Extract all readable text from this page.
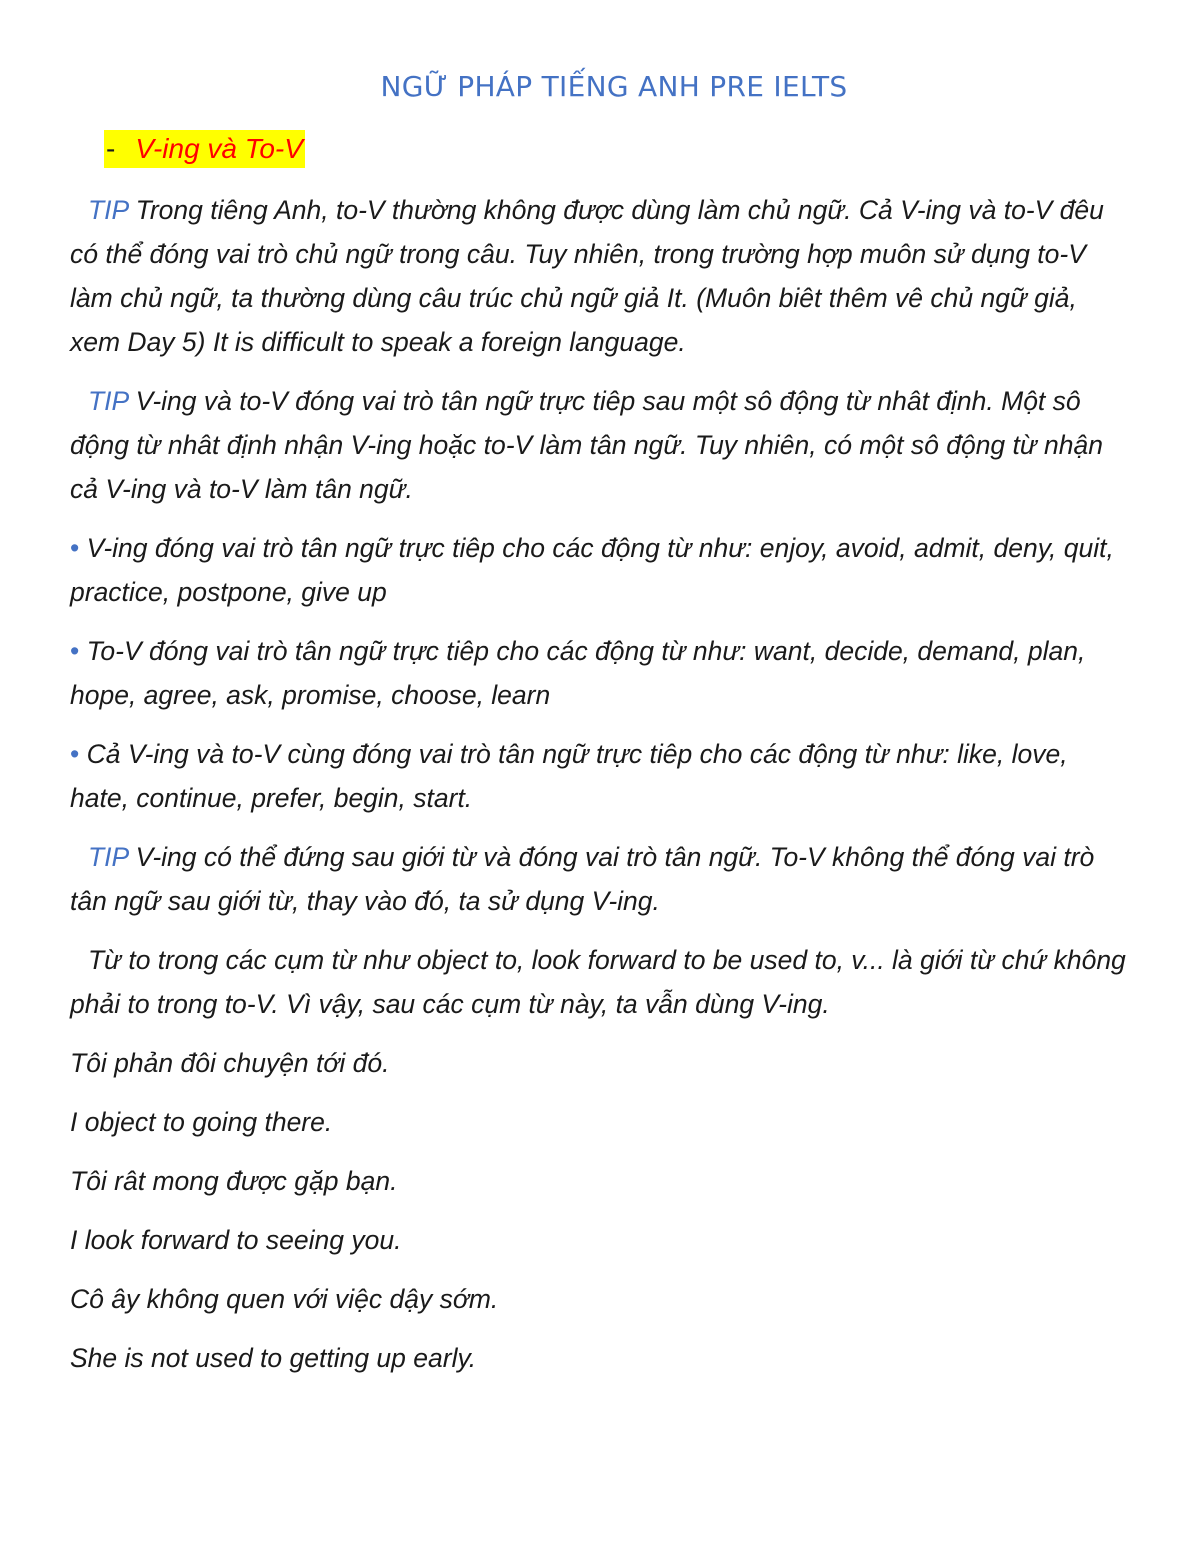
NGỮ PHÁP TIẾNG ANH PRE IELTS
- V-ing và To-V

TIP Trong tiêng Anh, to-V thường không được dùng làm chủ ngữ. Cả V-ing và to-V đêu có thể đóng vai trò chủ ngữ trong câu. Tuy nhiên, trong trường hợp muôn sử dụng to-V làm chủ ngữ, ta thường dùng câu trúc chủ ngữ giả It. (Muôn biêt thêm vê chủ ngữ giả, xem Day 5) It is difficult to speak a foreign language.

TIP V-ing và to-V đóng vai trò tân ngữ trực tiêp sau một sô động từ nhât định. Một sô động từ nhât định nhận V-ing hoặc to-V làm tân ngữ. Tuy nhiên, có một sô động từ nhận cả V-ing và to-V làm tân ngữ.

• V-ing đóng vai trò tân ngữ trực tiêp cho các động từ như: enjoy, avoid, admit, deny, quit, practice, postpone, give up

• To-V đóng vai trò tân ngữ trực tiêp cho các động từ như: want, decide, demand, plan, hope, agree, ask, promise, choose, learn

• Cả V-ing và to-V cùng đóng vai trò tân ngữ trực tiêp cho các động từ như: like, love, hate, continue, prefer, begin, start.

TIP V-ing có thể đứng sau giới từ và đóng vai trò tân ngữ. To-V không thể đóng vai trò tân ngữ sau giới từ, thay vào đó, ta sử dụng V-ing.

Từ to trong các cụm từ như object to, look forward to be used to, v... là giới từ chứ không phải to trong to-V. Vì vậy, sau các cụm từ này, ta vẫn dùng V-ing.

Tôi phản đôi chuyện tới đó.

I object to going there.

Tôi rât mong được gặp bạn.

I look forward to seeing you.

Cô ây không quen với việc dậy sớm.

She is not used to getting up early.
